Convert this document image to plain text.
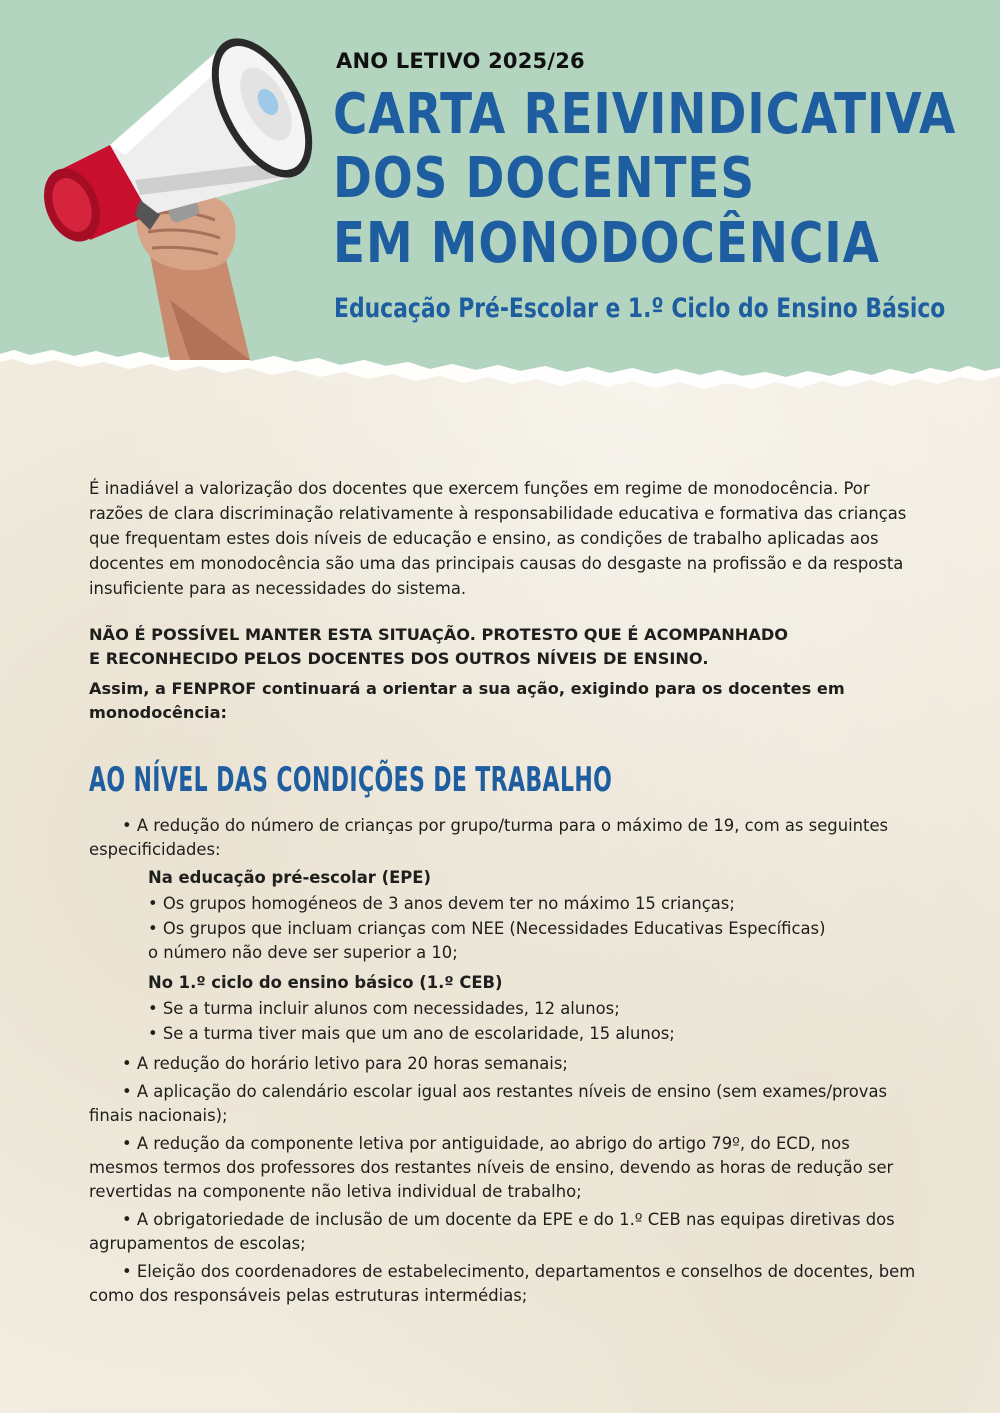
ANO LETIVO 2025/26
CARTA REIVINDICATIVA
DOS DOCENTES
EM MONODOCÊNCIA
Educação Pré-Escolar e 1.º Ciclo do Ensino Básico

É inadiável a valorização dos docentes que exercem funções em regime de monodocência. Por razões de clara discriminação relativamente à responsabilidade educativa e formativa das crianças que frequentam estes dois níveis de educação e ensino, as condições de trabalho aplicadas aos docentes em monodocência são uma das principais causas do desgaste na profissão e da resposta insuficiente para as necessidades do sistema.

NÃO É POSSÍVEL MANTER ESTA SITUAÇÃO. PROTESTO QUE É ACOMPANHADO
E RECONHECIDO PELOS DOCENTES DOS OUTROS NÍVEIS DE ENSINO.

Assim, a FENPROF continuará a orientar a sua ação, exigindo para os docentes em monodocência:

AO NÍVEL DAS CONDIÇÕES DE TRABALHO

• A redução do número de crianças por grupo/turma para o máximo de 19, com as seguintes especificidades:

Na educação pré-escolar (EPE)
• Os grupos homogéneos de 3 anos devem ter no máximo 15 crianças;
• Os grupos que incluam crianças com NEE (Necessidades Educativas Específicas)
o número não deve ser superior a 10;
No 1.º ciclo do ensino básico (1.º CEB)
• Se a turma incluir alunos com necessidades, 12 alunos;
• Se a turma tiver mais que um ano de escolaridade, 15 alunos;

• A redução do horário letivo para 20 horas semanais;

• A aplicação do calendário escolar igual aos restantes níveis de ensino (sem exames/provas finais nacionais);

• A redução da componente letiva por antiguidade, ao abrigo do artigo 79º, do ECD, nos mesmos termos dos professores dos restantes níveis de ensino, devendo as horas de redução ser revertidas na componente não letiva individual de trabalho;

• A obrigatoriedade de inclusão de um docente da EPE e do 1.º CEB nas equipas diretivas dos agrupamentos de escolas;

• Eleição dos coordenadores de estabelecimento, departamentos e conselhos de docentes, bem como dos responsáveis pelas estruturas intermédias;
